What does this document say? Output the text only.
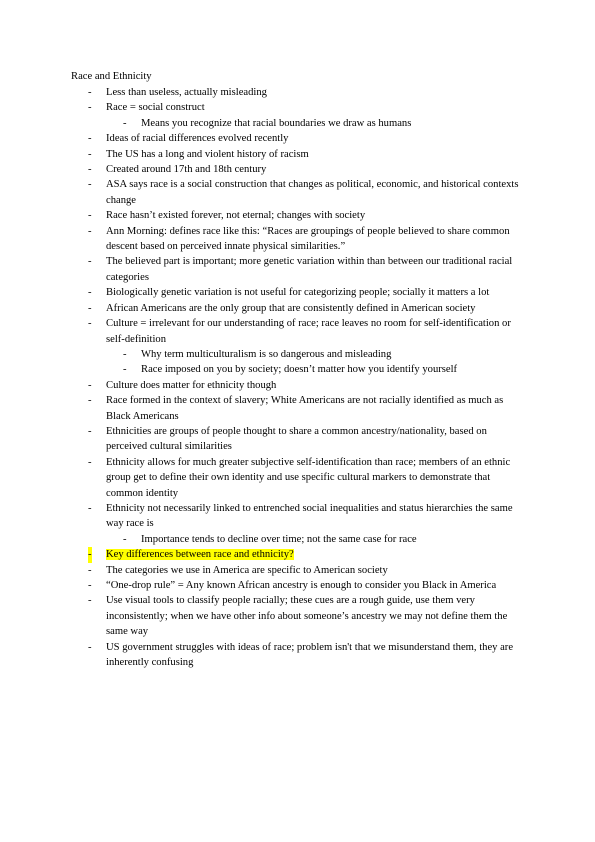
Race and Ethnicity
- Less than useless, actually misleading
- Race = social construct
- Means you recognize that racial boundaries we draw as humans
- Ideas of racial differences evolved recently
- The US has a long and violent history of racism
- Created around 17th and 18th century
- ASA says race is a social construction that changes as political, economic, and historical contexts change
- Race hasn’t existed forever, not eternal; changes with society
- Ann Morning: defines race like this: “Races are groupings of people believed to share common descent based on perceived innate physical similarities.”
- The believed part is important; more genetic variation within than between our traditional racial categories
- Biologically genetic variation is not useful for categorizing people; socially it matters a lot
- African Americans are the only group that are consistently defined in American society
- Culture = irrelevant for our understanding of race; race leaves no room for self-identification or self-definition
- Why term multiculturalism is so dangerous and misleading
- Race imposed on you by society; doesn’t matter how you identify yourself
- Culture does matter for ethnicity though
- Race formed in the context of slavery; White Americans are not racially identified as much as Black Americans
- Ethnicities are groups of people thought to share a common ancestry/nationality, based on perceived cultural similarities
- Ethnicity allows for much greater subjective self-identification than race; members of an ethnic group get to define their own identity and use specific cultural markers to demonstrate that common identity
- Ethnicity not necessarily linked to entrenched social inequalities and status hierarchies the same way race is
- Importance tends to decline over time; not the same case for race
- Key differences between race and ethnicity?
- The categories we use in America are specific to American society
- “One-drop rule” = Any known African ancestry is enough to consider you Black in America
- Use visual tools to classify people racially; these cues are a rough guide, use them very inconsistently; when we have other info about someone’s ancestry we may not define them the same way
- US government struggles with ideas of race; problem isn't that we misunderstand them, they are inherently confusing
